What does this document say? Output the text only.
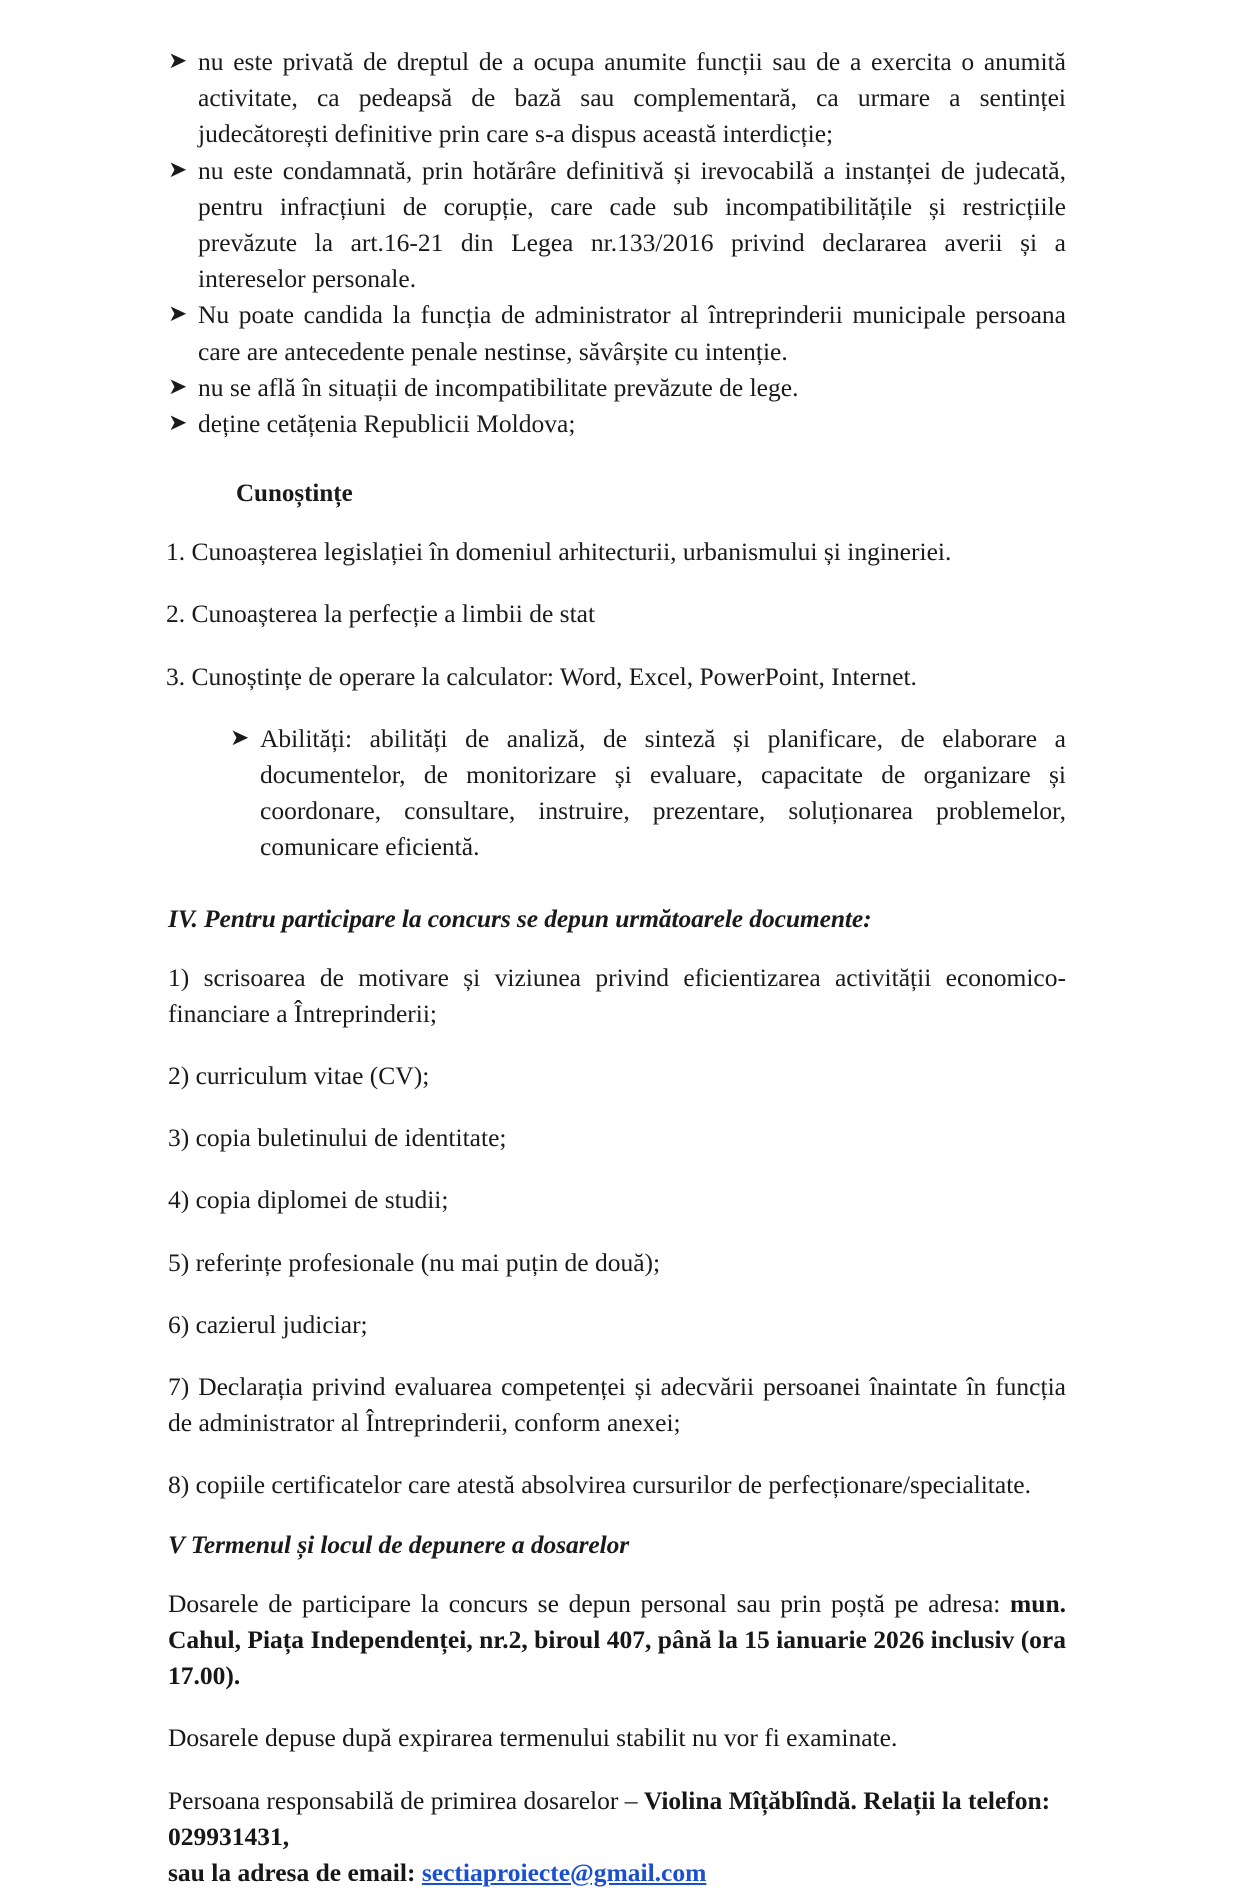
➤ nu este privată de dreptul de a ocupa anumite funcții sau de a exercita o anumită activitate, ca pedeapsă de bază sau complementară, ca urmare a sentinței judecătorești definitive prin care s-a dispus această interdicție;
➤ nu este condamnată, prin hotărâre definitivă și irevocabilă a instanței de judecată, pentru infracțiuni de corupție, care cade sub incompatibilitățile și restricțiile prevăzute la art.16-21 din Legea nr.133/2016 privind declararea averii și a intereselor personale.
➤ Nu poate candida la funcția de administrator al întreprinderii municipale persoana care are antecedente penale nestinse, săvârșite cu intenție.
➤ nu se află în situații de incompatibilitate prevăzute de lege.
➤ deține cetățenia Republicii Moldova;

Cunoștințe

1. Cunoașterea legislației în domeniul arhitecturii, urbanismului și ingineriei.

2. Cunoașterea la perfecție a limbii de stat

3. Cunoștințe de operare la calculator: Word, Excel, PowerPoint, Internet.

➤ Abilități: abilități de analiză, de sinteză și planificare, de elaborare a documentelor, de monitorizare și evaluare, capacitate de organizare și coordonare, consultare, instruire, prezentare, soluționarea problemelor, comunicare eficientă.

IV. Pentru participare la concurs se depun următoarele documente:

1) scrisoarea de motivare și viziunea privind eficientizarea activității economico-financiare a Întreprinderii;

2) curriculum vitae (CV);

3) copia buletinului de identitate;

4) copia diplomei de studii;

5) referințe profesionale (nu mai puțin de două);

6) cazierul judiciar;

7) Declarația privind evaluarea competenței și adecvării persoanei înaintate în funcția de administrator al Întreprinderii, conform anexei;

8) copiile certificatelor care atestă absolvirea cursurilor de perfecționare/specialitate.

V Termenul și locul de depunere a dosarelor

Dosarele de participare la concurs se depun personal sau prin poștă pe adresa: mun. Cahul, Piața Independenței, nr.2, biroul 407, până la 15 ianuarie 2026 inclusiv (ora 17.00).

Dosarele depuse după expirarea termenului stabilit nu vor fi examinate.

Persoana responsabilă de primirea dosarelor – Violina Mîțăblîndă. Relații la telefon: 029931431,

sau la adresa de email: sectiaproiecte@gmail.com
